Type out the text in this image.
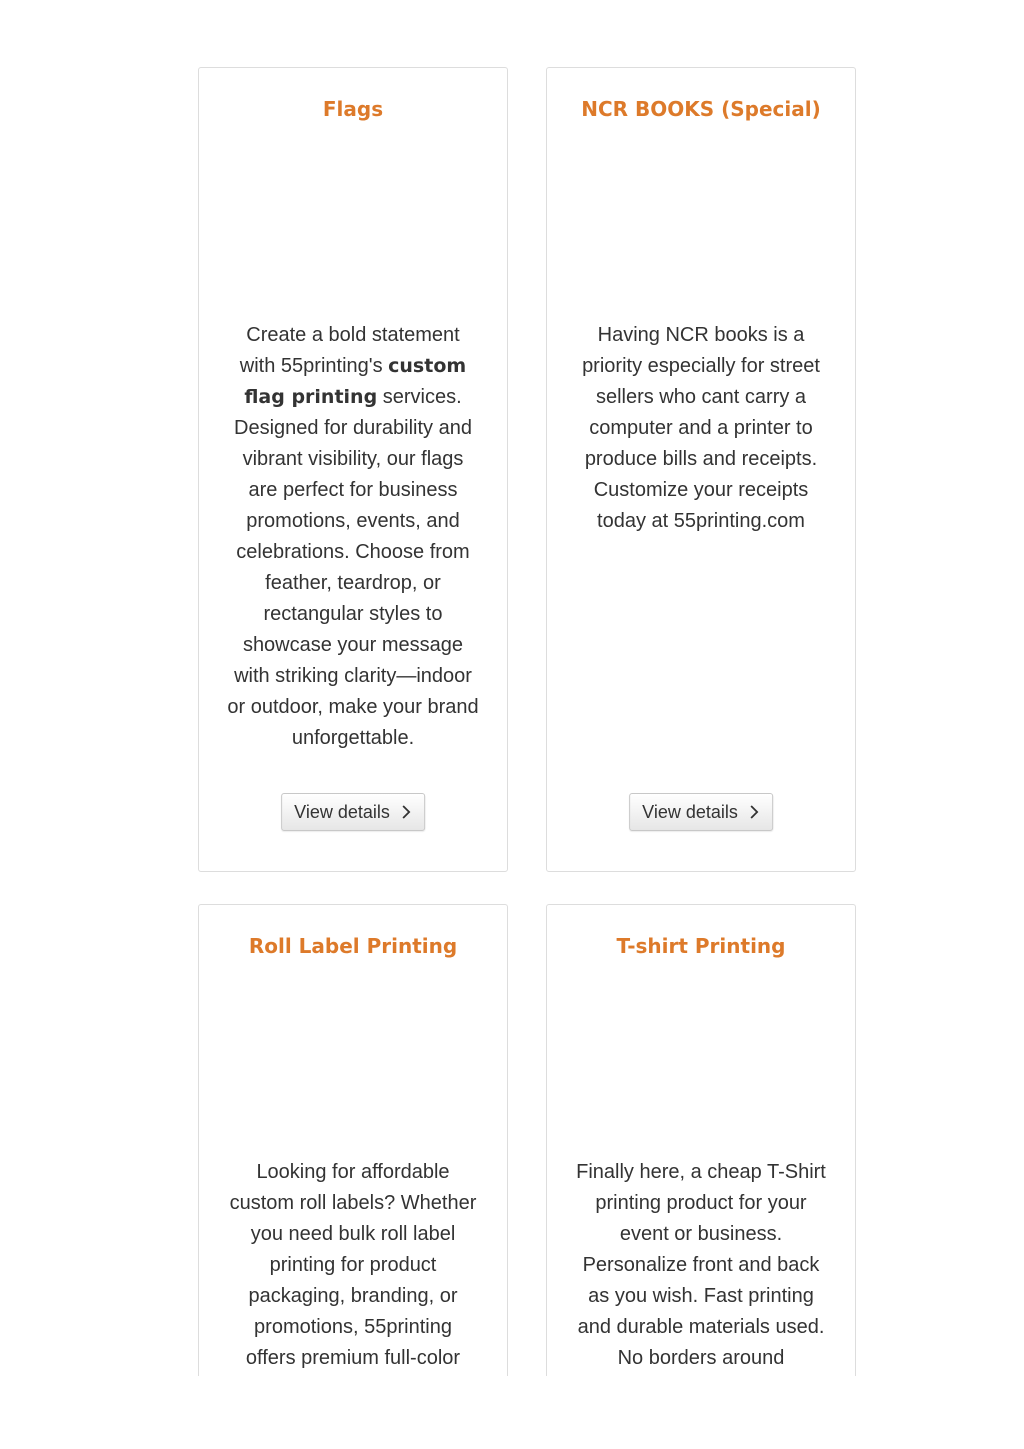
Flags

Create a bold statement with 55printing's custom flag printing services. Designed for durability and vibrant visibility, our flags are perfect for business promotions, events, and celebrations. Choose from feather, teardrop, or rectangular styles to showcase your message with striking clarity—indoor or outdoor, make your brand unforgettable.

View details
NCR BOOKS (Special)

Having NCR books is a priority especially for street sellers who cant carry a computer and a printer to produce bills and receipts. Customize your receipts today at 55printing.com

View details
Roll Label Printing

Looking for affordable custom roll labels? Whether you need bulk roll label printing for product packaging, branding, or promotions, 55printing offers premium full-color

T-shirt Printing

Finally here, a cheap T-Shirt printing product for your event or business. Personalize front and back as you wish. Fast printing and durable materials used. No borders around
